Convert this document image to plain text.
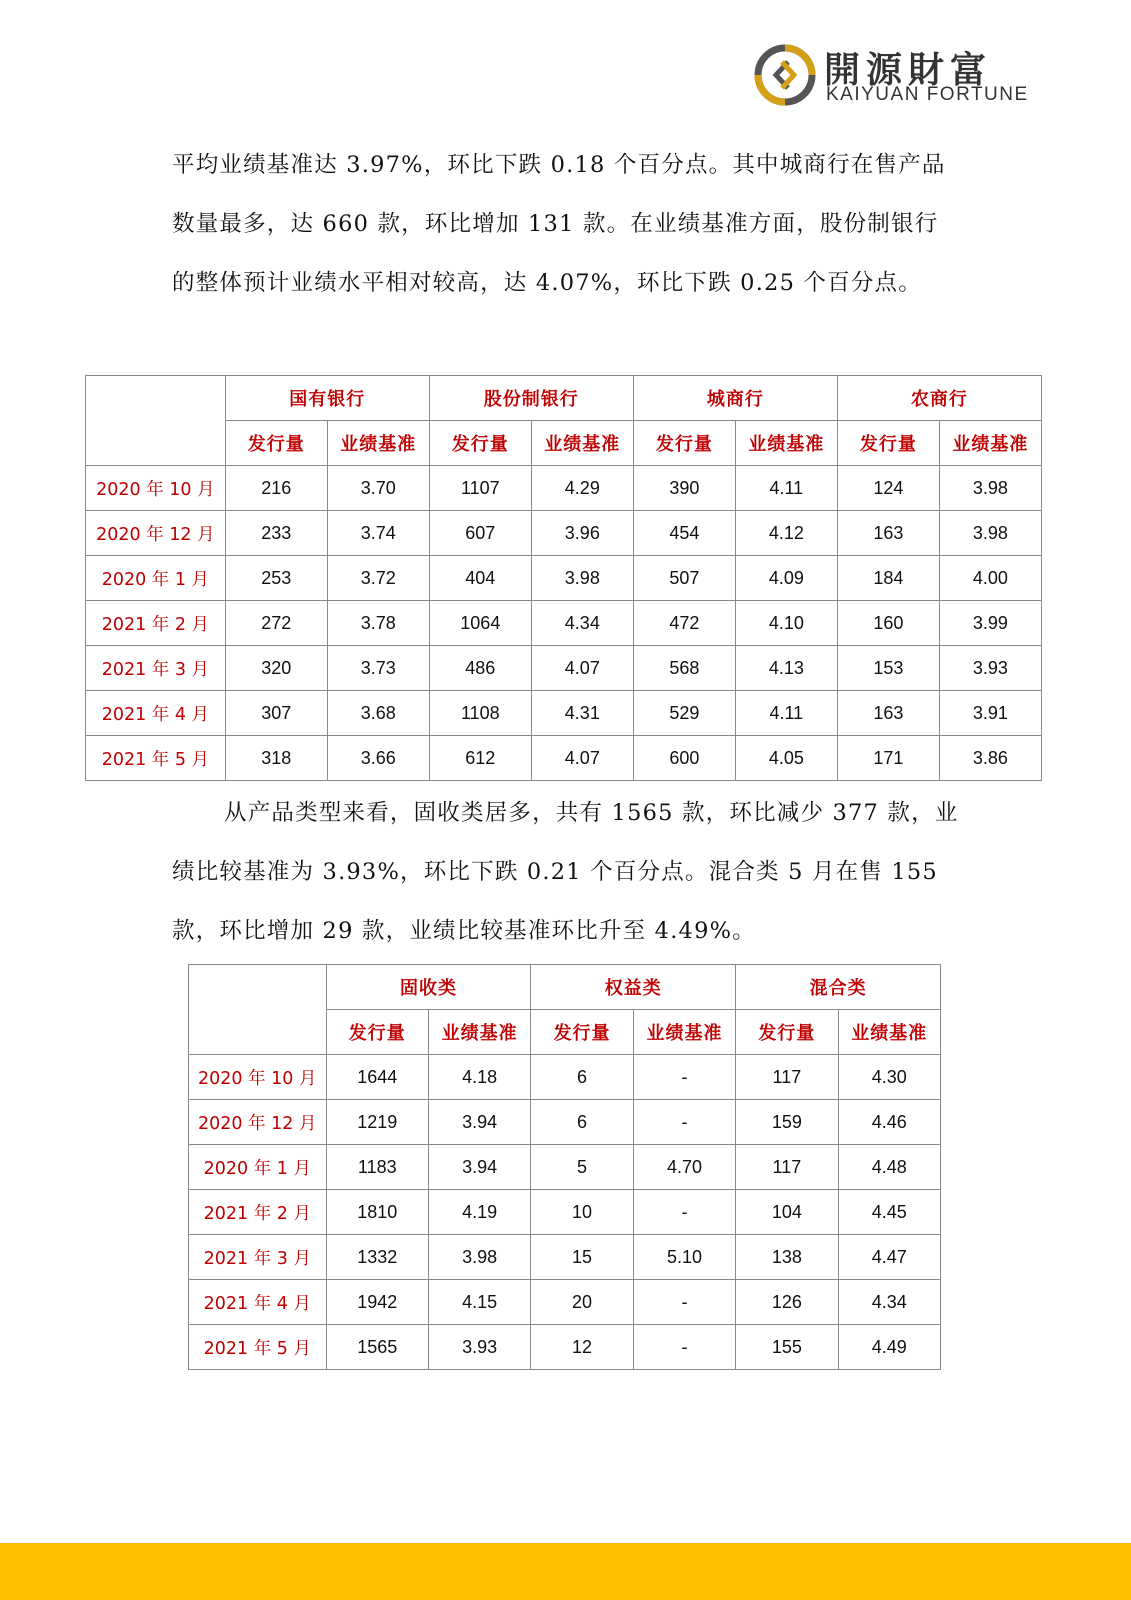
開源財富
KAIYUAN FORTUNE

平均业绩基准达 3.97%，环比下跌 0.18 个百分点。其中城商行在售产品数量最多，达 660 款，环比增加 131 款。在业绩基准方面，股份制银行的整体预计业绩水平相对较高，达 4.07%，环比下跌 0.25 个百分点。

	国有银行		股份制银行		城商行		农商行	
	发行量	业绩基准	发行量	业绩基准	发行量	业绩基准	发行量	业绩基准
2020 年 10 月	216	3.70	1107	4.29	390	4.11	124	3.98
2020 年 12 月	233	3.74	607	3.96	454	4.12	163	3.98
2020 年 1 月	253	3.72	404	3.98	507	4.09	184	4.00
2021 年 2 月	272	3.78	1064	4.34	472	4.10	160	3.99
2021 年 3 月	320	3.73	486	4.07	568	4.13	153	3.93
2021 年 4 月	307	3.68	1108	4.31	529	4.11	163	3.91
2021 年 5 月	318	3.66	612	4.07	600	4.05	171	3.86

从产品类型来看，固收类居多，共有 1565 款，环比减少 377 款，业绩比较基准为 3.93%，环比下跌 0.21 个百分点。混合类 5 月在售 155 款，环比增加 29 款，业绩比较基准环比升至 4.49%。

	固收类		权益类		混合类	
	发行量	业绩基准	发行量	业绩基准	发行量	业绩基准
2020 年 10 月	1644	4.18	6	-	117	4.30
2020 年 12 月	1219	3.94	6	-	159	4.46
2020 年 1 月	1183	3.94	5	4.70	117	4.48
2021 年 2 月	1810	4.19	10	-	104	4.45
2021 年 3 月	1332	3.98	15	5.10	138	4.47
2021 年 4 月	1942	4.15	20	-	126	4.34
2021 年 5 月	1565	3.93	12	-	155	4.49
